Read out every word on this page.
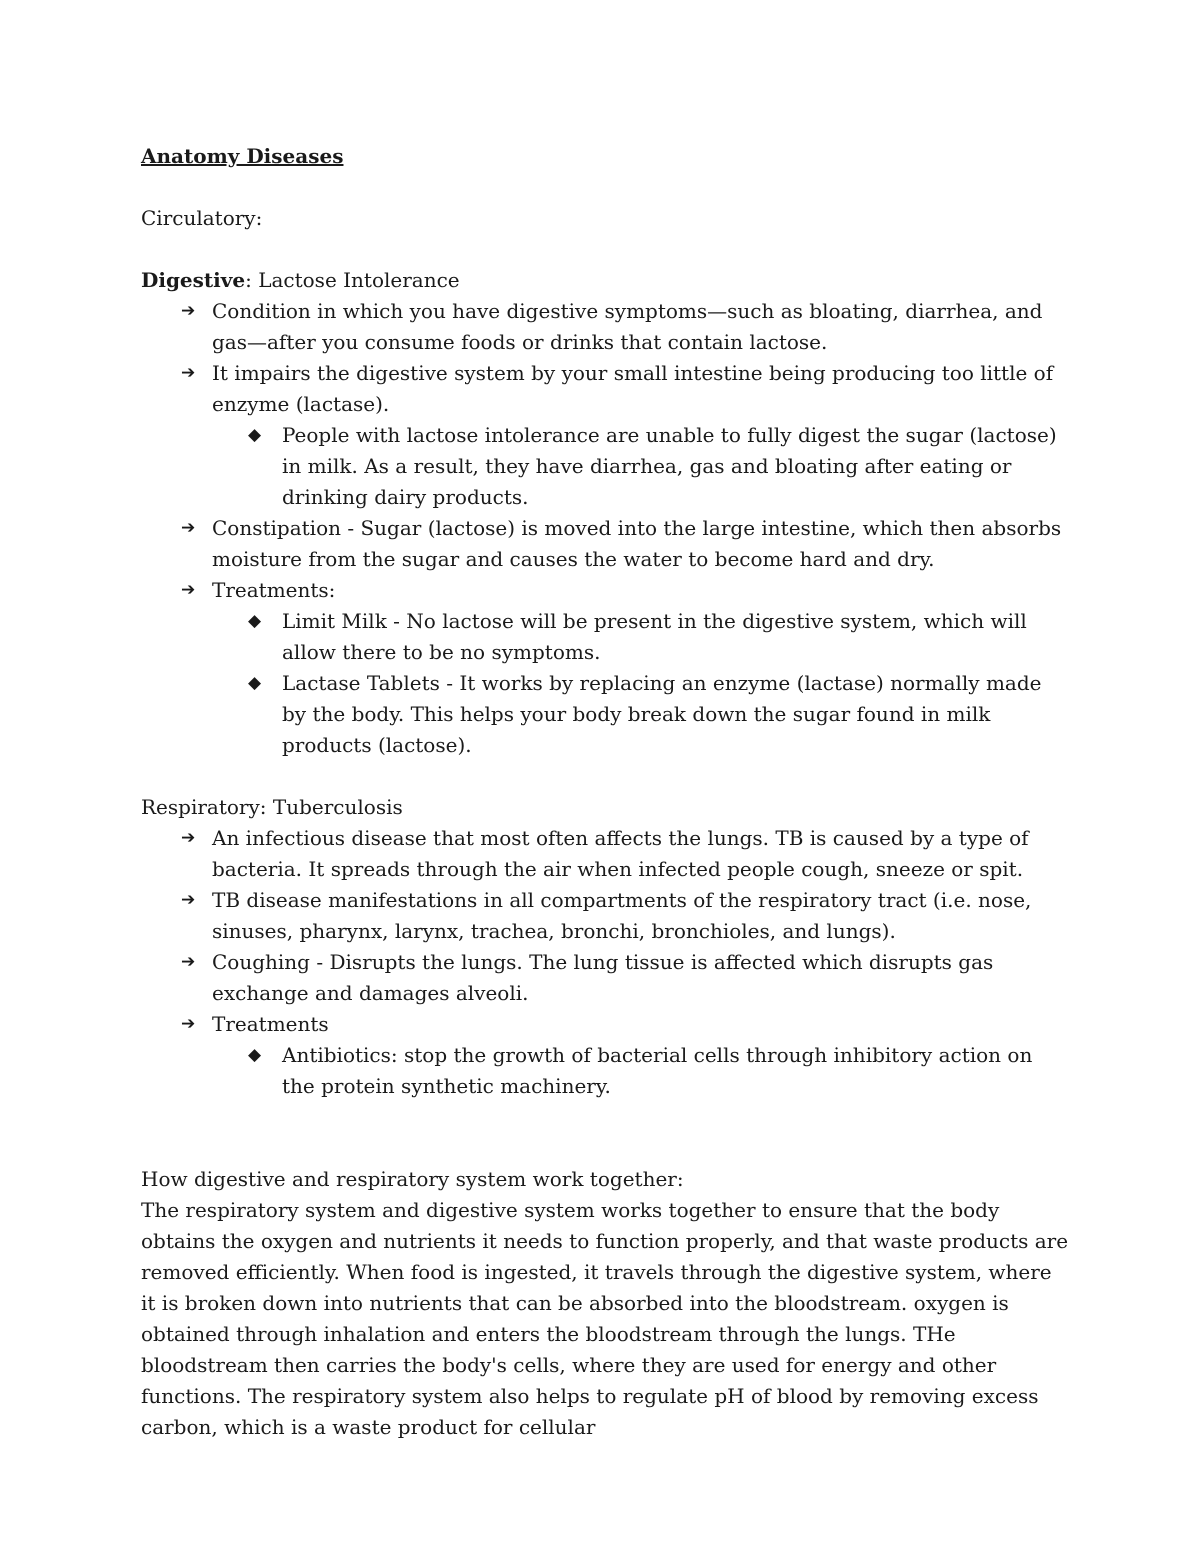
Anatomy Diseases

Circulatory:

Digestive: Lactose Intolerance

➔ Condition in which you have digestive symptoms—such as bloating, diarrhea, and gas—after you consume foods or drinks that contain lactose.
➔ It impairs the digestive system by your small intestine being producing too little of enzyme (lactase).
◆	People with lactose intolerance are unable to fully digest the sugar (lactose) in milk. As a result, they have diarrhea, gas and bloating after eating or drinking dairy products.
➔ Constipation - Sugar (lactose) is moved into the large intestine, which then absorbs moisture from the sugar and causes the water to become hard and dry.
➔ Treatments:
◆	Limit Milk - No lactose will be present in the digestive system, which will allow there to be no symptoms.
◆	Lactase Tablets - It works by replacing an enzyme (lactase) normally made by the body. This helps your body break down the sugar found in milk products (lactose).

Respiratory: Tuberculosis

➔ An infectious disease that most often affects the lungs. TB is caused by a type of bacteria. It spreads through the air when infected people cough, sneeze or spit.
➔ TB disease manifestations in all compartments of the respiratory tract (i.e. nose, sinuses, pharynx, larynx, trachea, bronchi, bronchioles, and lungs).
➔ Coughing - Disrupts the lungs. The lung tissue is affected which disrupts gas exchange and damages alveoli.
➔ Treatments
◆	Antibiotics: stop the growth of bacterial cells through inhibitory action on the protein synthetic machinery.

How digestive and respiratory system work together:

The respiratory system and digestive system works together to ensure that the body obtains the oxygen and nutrients it needs to function properly, and that waste products are removed efficiently. When food is ingested, it travels through the digestive system, where it is broken down into nutrients that can be absorbed into the bloodstream. oxygen is obtained through inhalation and enters the bloodstream through the lungs. THe bloodstream then carries the body's cells, where they are used for energy and other functions. The respiratory system also helps to regulate pH of blood by removing excess carbon, which is a waste product for cellular
